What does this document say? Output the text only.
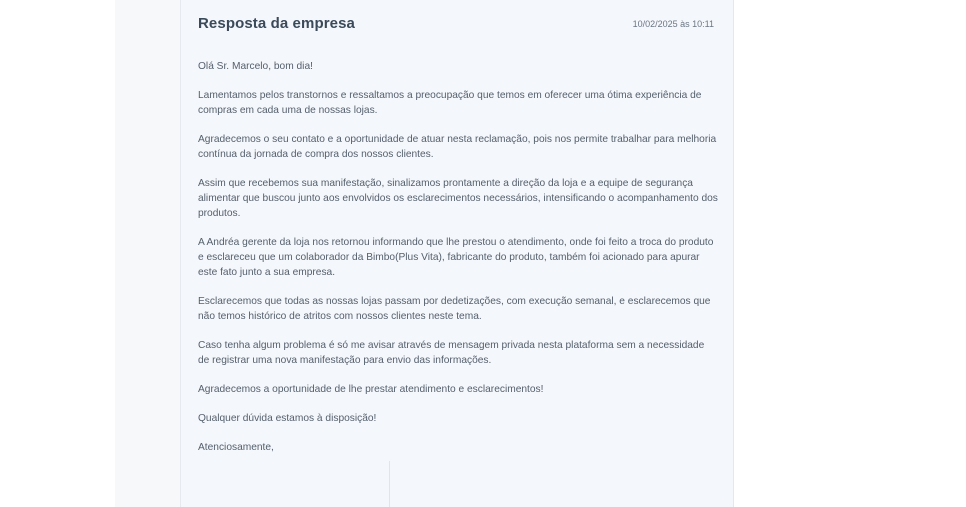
Resposta da empresa	10/02/2025 às 10:11

Olá Sr. Marcelo, bom dia!

Lamentamos pelos transtornos e ressaltamos a preocupação que temos em oferecer uma ótima experiência de compras em cada uma de nossas lojas.

Agradecemos o seu contato e a oportunidade de atuar nesta reclamação, pois nos permite trabalhar para melhoria contínua da jornada de compra dos nossos clientes.

Assim que recebemos sua manifestação, sinalizamos prontamente a direção da loja e a equipe de segurança alimentar que buscou junto aos envolvidos os esclarecimentos necessários, intensificando o acompanhamento dos produtos.

A Andréa gerente da loja nos retornou informando que lhe prestou o atendimento, onde foi feito a troca do produto e esclareceu que um colaborador da Bimbo(Plus Vita), fabricante do produto, também foi acionado para apurar este fato junto a sua empresa.

Esclarecemos que todas as nossas lojas passam por dedetizações, com execução semanal, e esclarecemos que não temos histórico de atritos com nossos clientes neste tema.

Caso tenha algum problema é só me avisar através de mensagem privada nesta plataforma sem a necessidade de registrar uma nova manifestação para envio das informações.

Agradecemos a oportunidade de lhe prestar atendimento e esclarecimentos!

Qualquer dúvida estamos à disposição!

Atenciosamente,
